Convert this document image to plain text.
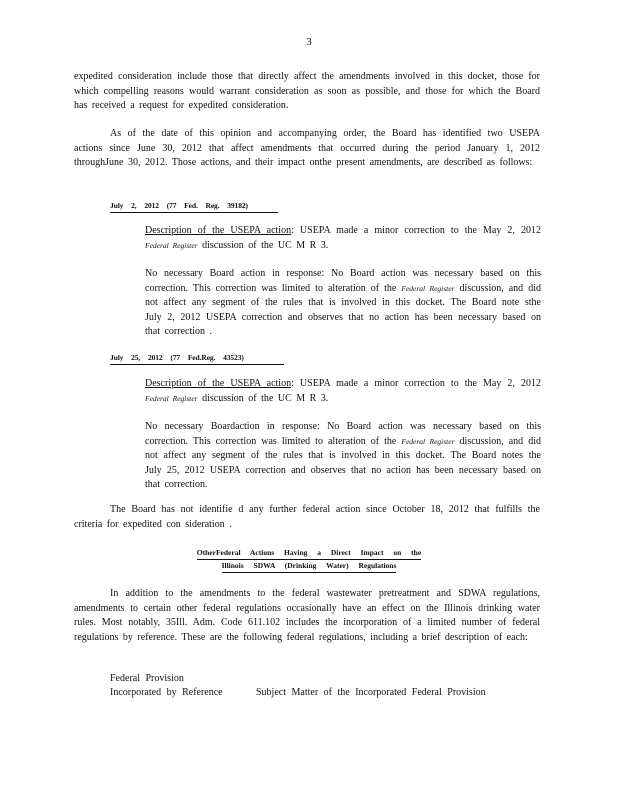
3

expedited consideration include those that directly affect the amendments involved in this docket, those for which compelling reasons would warrant consideration as soon as possible, and those for which the Board has received a request for expedited consideration.

As of the date of this opinion and accompanying order, the Board has identified two USEPA actions since June 30, 2012 that affect amendments that occurred during the period January 1, 2012 throughJune 30, 2012. Those actions, and their impact onthe present amendments, are described as follows:

July 2, 2012 (77 Fed. Reg. 39182)

Description of the USEPA action: USEPA made a minor correction to the May 2, 2012 Federal Register discussion of the UC M R 3.

No necessary Board action in response: No Board action was necessary based on this correction. This correction was limited to alteration of the Federal Register discussion, and did not affect any segment of the rules that is involved in this docket. The Board note sthe July 2, 2012 USEPA correction and observes that no action has been necessary based on that correction .

July 25, 2012 (77 Fed.Reg. 43523)

Description of the USEPA action: USEPA made a minor correction to the May 2, 2012 Federal Register discussion of the UC M R 3.

No necessary Boardaction in response: No Board action was necessary based on this correction. This correction was limited to alteration of the Federal Register discussion, and did not affect any segment of the rules that is involved in this docket. The Board notes the July 25, 2012 USEPA correction and observes that no action has been necessary based on that correction.

The Board has not identifie d any further federal action since October 18, 2012 that fulfills the criteria for expedited con sideration .

OtherFederal Actions Having a Direct Impact on the
Illinois SDWA (Drinking Water) Regulations

In addition to the amendments to the federal wastewater pretreatment and SDWA regulations, amendments to certain other federal regulations occasionally have an effect on the Illinois drinking water rules. Most notably, 35Ill. Adm. Code 611.102 includes the incorporation of a limited number of federal regulations by reference. These are the following federal regulations, including a brief description of each:

Federal Provision
Incorporated by Reference	Subject Matter of the Incorporated Federal Provision
